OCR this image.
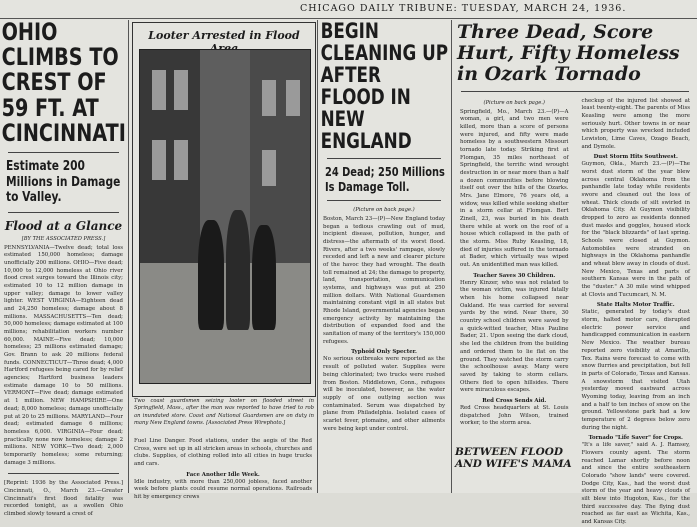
CHICAGO DAILY TRIBUNE: TUESDAY, MARCH 24, 1936.
OHIO CLIMBS TO CREST OF 59 FT. AT CINCINNATI
Estimate 200 Millions in Damage to Valley.
Flood at a Glance
[BY THE ASSOCIATED PRESS.]

PENNSYLVANIA—Twelve dead; total loss estimated 150,000 homeless; damage unofficially 200 millions. OHIO—Five dead; 10,000 to 12,000 homeless at Ohio river flood crest surges toward the Illinois city; estimated 10 to 12 million damage in upper valley; damage to lower valley lighter. WEST VIRGINIA—Eighteen dead and 24,250 homeless; damage about 8 millions. MASSACHUSETTS—Ten dead; 50,000 homeless; damage estimated at 100 millions; rehabilitation workers number 60,000. MAINE—Five dead; 10,000 homeless; 25 millions estimated damage; Gov. Brann to ask 20 millions federal funds. CONNECTICUT—Three dead; 4,000 Hartford refugees being cared for by relief agencies; Hartford business leaders estimate damage 10 to 50 millions. VERMONT—Five dead; damage estimated at 1 million. NEW HAMPSHIRE—One dead; 8,000 homeless; damage unofficially put at 20 to 25 millions. MARYLAND—Four dead; estimated damage 6 millions; homeless 6,000. VIRGINIA—Four dead; practically none now homeless; damage 2 millions. NEW YORK—Two dead; 2,000 temporarily homeless; some returning; damage 3 millions.

[Reprint: 1936 by the Associated Press.] Cincinnati, O., March 23.—Greater Cincinnati's first flood fatality was recorded tonight, as a swollen Ohio climbed slowly toward a crest of

Looter Arrested in Flood
Two coast guardsmen seizing looter on flooded street in Springfield, Mass., after the man was reported to have tried to rob an inundated store. Coast and National Guardsmen are on duty in many New England towns. [Associated Press Wirephoto.]

Fuel Line Danger. Food stations, under the aegis of the Red Cross, were set up in all stricken areas in schools, churches and clubs. Supplies, of clothing rolled into all cities in huge trucks and cars.

Face Another Idle Week.

Idle industry, with more than 250,000 jobless, faced another week before plants could resume normal operations. Railroads hit by emergency crews

BEGIN CLEANING UP AFTER FLOOD IN NEW ENGLAND
24 Dead; 250 Millions Is Damage Toll.
(Picture on back page.)

Boston, March 23—(P)—New England today began a tedious crawling out of mud, incipient disease, pollution, hunger, and distress—the aftermath of its worst flood. Rivers, after a two weeks' rampage, slowly receded and left a new and clearer picture of the havoc they had wrought. The death toll remained at 24; the damage to property, land, transportation, communication systems, and highways was put at 250 million dollars. With National Guardsmen maintaining constant vigil in all states but Rhode Island, governmental agencies began emergency activity by maintaining the distribution of expanded food and the sanitation of many of the territory's 150,000 refugees.

Typhoid Only Specter.

No serious outbreaks were reported as the result of polluted water. Supplies were being chlorinated; two trucks were rushed from Boston. Middletown, Conn., refugees will be inoculated, however, as the water supply of one outlying section was contaminated. Serum was dispatched by plane from Philadelphia. Isolated cases of scarlet fever, ptomaine, and other ailments were being kept under control.

Three Dead, Score Hurt, Fifty Homeless in Ozark Tornado
(Picture on back page.)

Springfield, Mo., March 23.—(P)—A woman, a girl, and two men were killed, more than a score of persons were injured, and fifty were made homeless by a southwestern Missouri tornado late today. Striking first at Flomgan, 35 miles northeast of Springfield, the terrific wind wrought destruction in or near more than a half a dozen communities before blowing itself out over the hills of the Ozarks. Mrs. Jane Elmore, 76 years old, a widow, was killed while seeking shelter in a storm cellar at Flomgan. Bert Zinell, 23, was buried in his death there while at work on the roof of a house which collapsed in the path of the storm. Miss Ruby Keasling, 18, died of injuries suffered in the tornado at Bader, which virtually was wiped out. An unidentified man was killed.

Teacher Saves 30 Children.

Henry Kinzer, who was not related to the woman victim, was injured fatally when his home collapsed near Oakland. He was carried for several yards by the wind. Near there, 30 country school children were saved by a quick-witted teacher, Miss Pauline Bader, 21. Upon seeing the dark cloud, she led the children from the building and ordered them to lie flat on the ground. They watched the storm carry the schoolhouse away. Many were saved by taking to storm cellars. Others fled to open hillsides. There were miraculous escapes.

Red Cross Sends Aid.

Red Cross headquarters at St. Louis dispatched John Wilson, trained worker, to the storm area.

checkup of the injured list showed at least twenty-eight. The parents of Miss Keasling were among the more seriously hurt. Other towns in or near which property was wrecked included Lewiston, Lime Caves, Ozago Beach, and Dymole.

Dust Storm Hits Southwest.

Guymon, Okla., March 23.—(P)—The worst dust storm of the year blew across central Oklahoma from the panhandle late today while residents swore and cleaned out the loss of wheat. Thick clouds of silt swirled in Oklahoma City. At Guymon visibility dropped to zero as residents donned dust masks and goggles, housed stock for the "black blizzards" of last spring. Schools were closed at Guymon. Automobiles were stranded on highways in the Oklahoma panhandle and wheat blew away in clouds of dust. New Mexico, Texas and parts of southern Kansas were in the path of the "duster." A 30 mile wind whipped at Clovis and Tucumcari, N. M.

State Halts Motor Traffic.

Static, generated by today's dust storm, halted motor cars, disrupted electric power service and handicapped communication in eastern New Mexico. The weather bureau reported zero visibility at Amarillo, Tex. Rains were forecast to come with snow flurries and precipitation, but fell in parts of Colorado, Texas and Kansas. A snowstorm that visited Utah yesterday moved eastward across Wyoming today, leaving from an inch and a half to ten inches of snow on the ground. Yellowstone park had a low temperature of 2 degrees below zero during the night.

Tornado "Life Saver" for Crops.

"It's a life saver," said A. J. Ramsey, Flowers county agent. The storm reached Lamar shortly before noon and since the entire southeastern Colorado "show lands" were covered. Dodge City, Kas., had the worst dust storm of the year and heavy clouds of silt blew into Hugoton, Kas., for the third successive day. The flying dust reached as far east as Wichita, Kas., and Kansas City.

BETWEEN FLOOD AND WIFE'S MAMA
